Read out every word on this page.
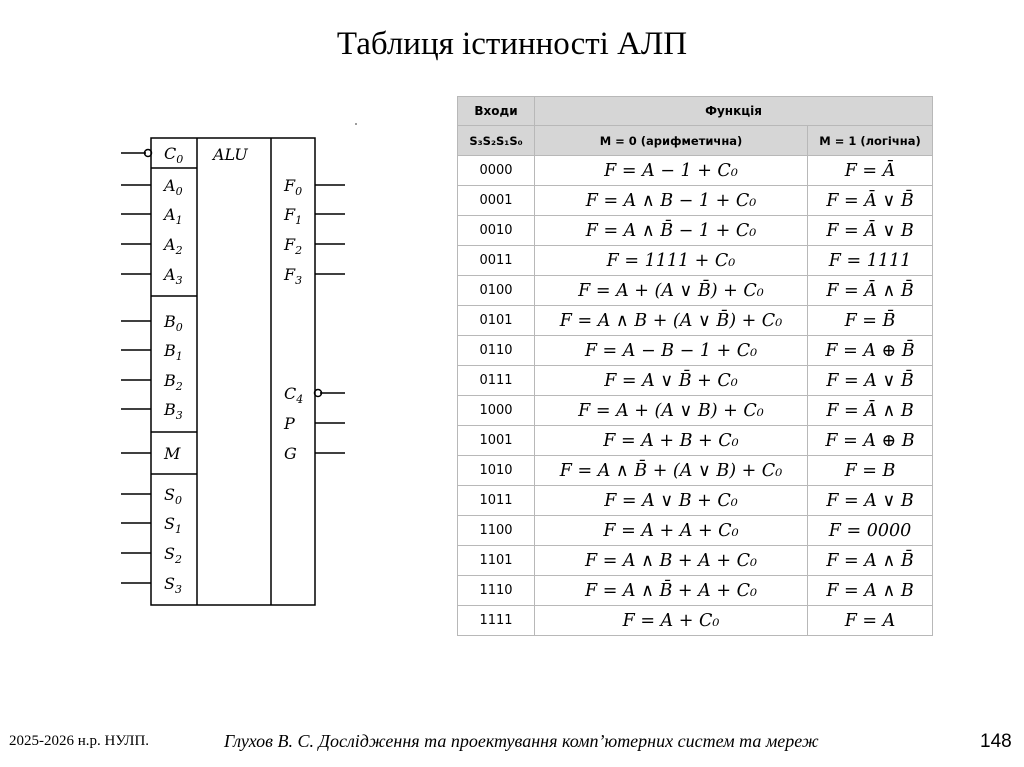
Таблиця істинності АЛП
ALU
$C_0$
$A_0$
$A_1$
$A_2$
$A_3$
$B_0$
$B_1$
$B_2$
$B_3$
M
$S_0$
$S_1$
$S_2$
$S_3$
$F_0$
$F_1$
$F_2$
$F_3$
$C_4$
P
G
Входи	Функція	
S₃S₂S₁S₀	M = 0 (арифметична)	M = 1 (логічна)
0000	F = A − 1 + C₀	F = Ā
0001	F = A ∧ B − 1 + C₀	F = Ā ∨ B̄
0010	F = A ∧ B̄ − 1 + C₀	F = Ā ∨ B
0011	F = 1111 + C₀	F = 1111
0100	F = A + (A ∨ B̄) + C₀	F = Ā ∧ B̄
0101	F = A ∧ B + (A ∨ B̄) + C₀	F = B̄
0110	F = A − B − 1 + C₀	F = A ⊕ B̄
0111	F = A ∨ B̄ + C₀	F = A ∨ B̄
1000	F = A + (A ∨ B) + C₀	F = Ā ∧ B
1001	F = A + B + C₀	F = A ⊕ B
1010	F = A ∧ B̄ + (A ∨ B) + C₀	F = B
1011	F = A ∨ B + C₀	F = A ∨ B
1100	F = A + A + C₀	F = 0000
1101	F = A ∧ B + A + C₀	F = A ∧ B̄
1110	F = A ∧ B̄ + A + C₀	F = A ∧ B
1111	F = A + C₀	F = A
2025-2026 н.р. НУЛП.	Глухов В. С. Дослідження та проектування комп’ютерних систем та мереж	148
